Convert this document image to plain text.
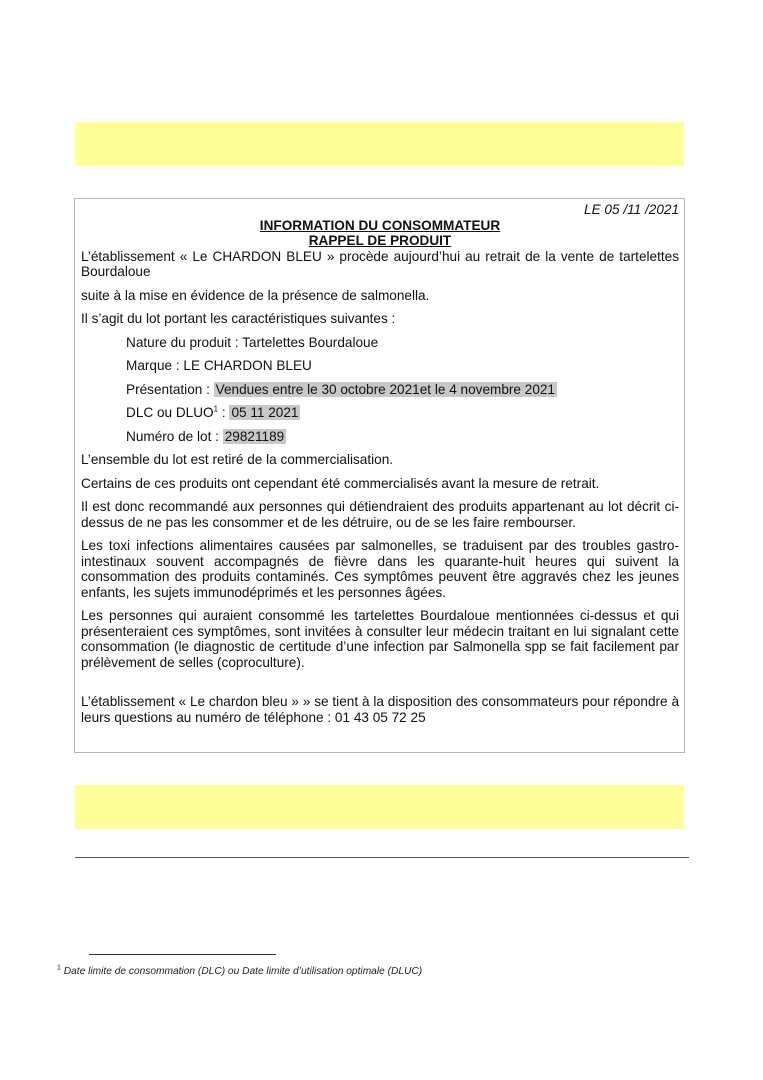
LE 05 /11 /2021
INFORMATION DU CONSOMMATEUR
RAPPEL DE PRODUIT

L’établissement « Le CHARDON BLEU » procède aujourd’hui au retrait de la vente de tartelettes Bourdaloue

suite à la mise en évidence de la présence de salmonella.

Il s’agit du lot portant les caractéristiques suivantes :

Nature du produit : Tartelettes Bourdaloue

Marque : LE CHARDON BLEU

Présentation : Vendues entre le 30 octobre 2021et le 4 novembre 2021

DLC ou DLUO$^1$ : 05 11 2021

Numéro de lot : 29821189

L’ensemble du lot est retiré de la commercialisation.

Certains de ces produits ont cependant été commercialisés avant la mesure de retrait.

Il est donc recommandé aux personnes qui détiendraient des produits appartenant au lot décrit ci-dessus de ne pas les consommer et de les détruire, ou de se les faire rembourser.

Les toxi infections alimentaires causées par salmonelles, se traduisent par des troubles gastro-intestinaux souvent accompagnés de fièvre dans les quarante-huit heures qui suivent la consommation des produits contaminés. Ces symptômes peuvent être aggravés chez les jeunes enfants, les sujets immunodéprimés et les personnes âgées.

Les personnes qui auraient consommé les tartelettes Bourdaloue mentionnées ci-dessus et qui présenteraient ces symptômes, sont invitées à consulter leur médecin traitant en lui signalant cette consommation (le diagnostic de certitude d’une infection par Salmonella spp se fait facilement par prélèvement de selles (coproculture).

L’établissement « Le chardon bleu » » se tient à la disposition des consommateurs pour répondre à leurs questions au numéro de téléphone : 01 43 05 72 25

$^1$ Date limite de consommation (DLC) ou Date limite d’utilisation optimale (DLUC)
